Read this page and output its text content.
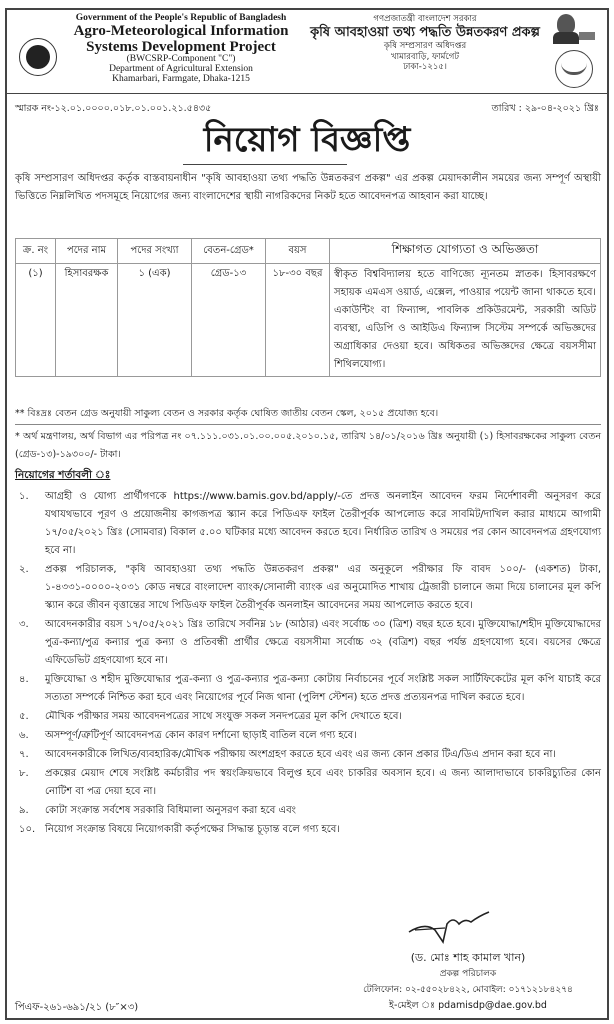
Government of the People's Republic of Bangladesh
Agro-Meteorological Information
Systems Development Project
(BWCSRP-Component "C")
Department of Agricultural Extension
Khamarbari, Farmgate, Dhaka-1215
গণপ্রজাতন্ত্রী বাংলাদেশ সরকার
কৃষি আবহাওয়া তথ্য পদ্ধতি উন্নতকরণ প্রকল্প
কৃষি সম্প্রসারণ অধিদপ্তর
খামারবাড়ি, ফার্মগেট
ঢাকা-১২১৫।
স্মারক নং-১২.০১.০০০০.০১৮.০১.০০১.২১.৫৪৩৫	তারিখ : ২৯-০৪-২০২১ খ্রিঃ
নিয়োগ বিজ্ঞপ্তি

কৃষি সম্প্রসারণ অধিদপ্তর কর্তৃক বাস্তবায়নাধীন "কৃষি আবহাওয়া তথ্য পদ্ধতি উন্নতকরণ প্রকল্প" এর প্রকল্প মেয়াদকালীন সময়ের জন্য সম্পূর্ণ অস্থায়ী ভিত্তিতে নিম্নলিখিত পদসমূহে নিয়োগের জন্য বাংলাদেশের স্থায়ী নাগরিকদের নিকট হতে আবেদনপত্র আহবান করা যাচ্ছে।

ক্র. নং	পদের নাম	পদের সংখ্যা	বেতন-গ্রেড*	বয়স	শিক্ষাগত যোগ্যতা ও অভিজ্ঞতা
(১)	হিসাবরক্ষক	১ (এক)	গ্রেড-১৩	১৮-৩০ বছর	স্বীকৃত বিশ্ববিদ্যালয় হতে বাণিজ্যে ন্যূনতম স্নাতক। হিসাবরক্ষণে সহায়ক এমএস ওয়ার্ড, এক্সেল, পাওয়ার পয়েন্ট জানা থাকতে হবে। একাউন্টিং বা ফিন্যান্স, পাবলিক প্রকিউরমেন্ট, সরকারী অডিট ব্যবস্থা, এডিপি ও আইডিএ ফিন্যান্স সিস্টেম সম্পর্কে অভিজ্ঞদের অগ্রাধিকার দেওয়া হবে। অধিকতর অভিজ্ঞদের ক্ষেত্রে বয়সসীমা শিথিলযোগ্য।
** বিঃদ্রঃ বেতন গ্রেড অনুযায়ী সাকুল্য বেতন ও সরকার কর্তৃক ঘোষিত জাতীয় বেতন স্কেল, ২০১৫ প্রযোজ্য হবে।
* অর্থ মন্ত্রণালয়, অর্থ বিভাগ এর পরিপত্র নং ০৭.১১১.০৩১.০১.০০.০০৫.২০১০.১৫, তারিখ ১৪/০১/২০১৬ খ্রিঃ অনুযায়ী (১) হিসাবরক্ষকের সাকুল্য বেতন (গ্রেড-১৩)-১৯৩০০/- টাকা।
নিয়োগের শর্তাবলী ঃ
১. আগ্রহী ও যোগ্য প্রার্থীগণকে https://www.bamis.gov.bd/apply/-তে প্রদত্ত অনলাইন আবেদন ফরম নির্দেশাবলী অনুসরণ করে যথাযথভাবে পূরণ ও প্রয়োজনীয় কাগজপত্র স্ক্যান করে পিডিএফ ফাইল তৈরীপূর্বক আপলোড করে সাবমিট/দাখিল করার মাধ্যমে আগামী ১৭/০৫/২০২১ খ্রিঃ (সোমবার) বিকাল ৫.০০ ঘটিকার মধ্যে আবেদন করতে হবে। নির্ধারিত তারিখ ও সময়ের পর কোন আবেদনপত্র গ্রহণযোগ্য হবে না।
২. প্রকল্প পরিচালক, "কৃষি আবহাওয়া তথ্য পদ্ধতি উন্নতকরণ প্রকল্প" এর অনুকূলে পরীক্ষার ফি বাবদ ১০০/- (একশত) টাকা, ১-৪৩৩১-০০০০-২০৩১ কোড নম্বরে বাংলাদেশ ব্যাংক/সোনালী ব্যাংক এর অনুমোদিত শাখায় ট্রেজারী চালানে জমা দিয়ে চালানের মূল কপি স্ক্যান করে জীবন বৃত্তান্তের সাথে পিডিএফ ফাইল তৈরীপূর্বক অনলাইন আবেদনের সময় আপলোড করতে হবে।
৩. আবেদনকারীর বয়স ১৭/০৫/২০২১ খ্রিঃ তারিখে সর্বনিম্ন ১৮ (আঠার) এবং সর্বোচ্চ ৩০ (ত্রিশ) বছর হতে হবে। মুক্তিযোদ্ধা/শহীদ মুক্তিযোদ্ধাদের পুত্র-কন্যা/পুত্র কন্যার পুত্র কন্যা ও প্রতিবন্ধী প্রার্থীর ক্ষেত্রে বয়সসীমা সর্বোচ্চ ৩২ (বত্রিশ) বছর পর্যন্ত গ্রহণযোগ্য হবে। বয়সের ক্ষেত্রে এফিডেভিট গ্রহণযোগ্য হবে না।
৪. মুক্তিযোদ্ধা ও শহীদ মুক্তিযোদ্ধার পুত্র-কন্যা ও পুত্র-কন্যার পুত্র-কন্যা কোটায় নির্বাচনের পূর্বে সংশ্লিষ্ট সকল সার্টিফিকেটের মূল কপি যাচাই করে সত্যতা সম্পর্কে নিশ্চিত করা হবে এবং নিয়োগের পূর্বে নিজ থানা (পুলিশ স্টেশন) হতে প্রদত্ত প্রত্যয়নপত্র দাখিল করতে হবে।
৫. মৌখিক পরীক্ষার সময় আবেদনপত্রের সাথে সংযুক্ত সকল সনদপত্রের মূল কপি দেখাতে হবে।
৬. অসম্পূর্ণ/ত্রুটিপূর্ণ আবেদনপত্র কোন কারণ দর্শানো ছাড়াই বাতিল বলে গণ্য হবে।
৭. আবেদনকারীকে লিখিত/ব্যবহারিক/মৌখিক পরীক্ষায় অংশগ্রহণ করতে হবে এবং এর জন্য কোন প্রকার টিএ/ডিএ প্রদান করা হবে না।
৮. প্রকল্পের মেয়াদ শেষে সংশ্লিষ্ট কর্মচারীর পদ স্বয়ংক্রিয়ভাবে বিলুপ্ত হবে এবং চাকরির অবসান হবে। এ জন্য আলাদাভাবে চাকরিচ্যুতির কোন নোটিশ বা পত্র দেয়া হবে না।
৯. কোটা সংক্রান্ত সর্বশেষ সরকারি বিধিমালা অনুসরণ করা হবে এবং
১০. নিয়োগ সংক্রান্ত বিষয়ে নিয়োগকারী কর্তৃপক্ষের সিদ্ধান্ত চূড়ান্ত বলে গণ্য হবে।
(ড. মোঃ শাহ কামাল খান)
প্রকল্প পরিচালক
টেলিফোন: ০২-৫৫০২৮৪২২, মোবাইল: ০১৭১২১৮৪২৭৪
ই-মেইল ঃ pdamisdp@dae.gov.bd
পিএফ-২৬১-৬৯১/২১ (৮″×৩)
